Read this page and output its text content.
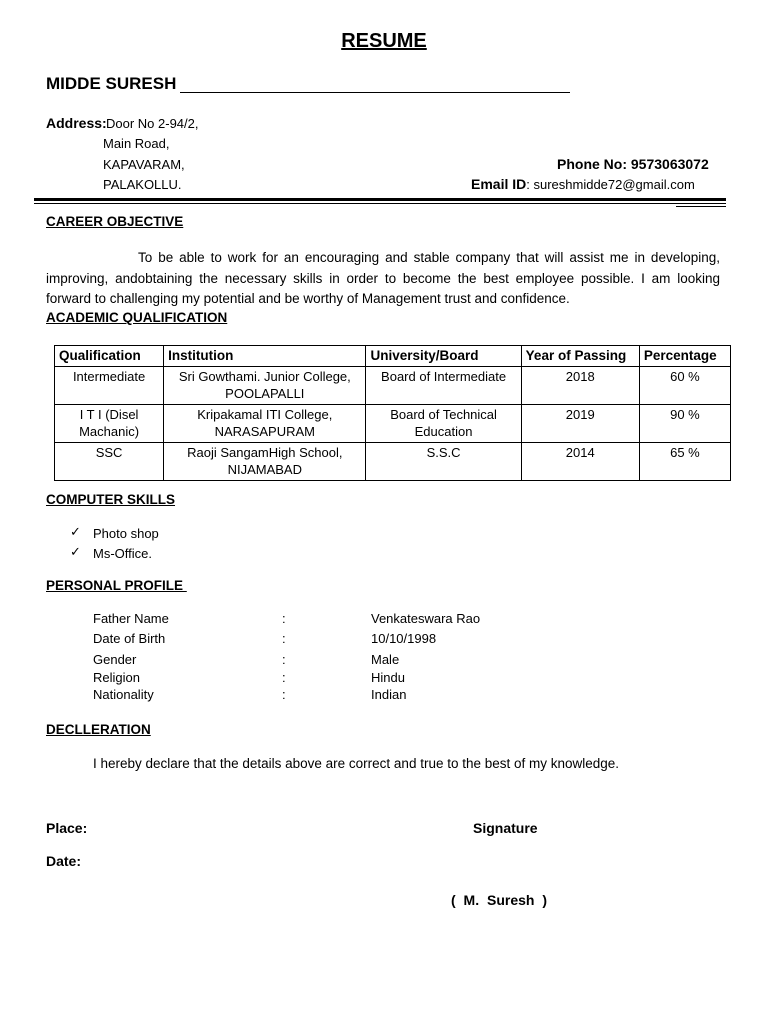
RESUME
MIDDE SURESH
Address: Door No 2-94/2,
Main Road,
KAPAVARAM,
PALAKOLLU.
Phone No: 9573063072
Email ID: sureshmidde72@gmail.com
CAREER OBJECTIVE
To be able to work for an encouraging and stable company that will assist me in developing, improving, andobtaining the necessary skills in order to become the best employee possible. I am looking forward to challenging my potential and be worthy of Management trust and confidence.
ACADEMIC QUALIFICATION
Qualification	Institution	University/Board	Year of Passing	Percentage
Intermediate	Sri Gowthami. Junior College, POOLAPALLI	Board of Intermediate	2018	60 %
I T I (Disel Machanic)	Kripakamal ITI College, NARASAPURAM	Board of Technical Education	2019	90 %
SSC	Raoji SangamHigh School, NIJAMABAD	S.S.C	2014	65 %
COMPUTER SKILLS
✓ Photo shop
✓ Ms-Office.
PERSONAL PROFILE
Father Name	:	Venkateswara Rao
Date of Birth	:	10/10/1998
Gender	:	Male
Religion	:	Hindu
Nationality	:	Indian
DECLLERATION
I hereby declare that the details above are correct and true to the best of my knowledge.
Place:	Signature
Date:
( M. Suresh )
